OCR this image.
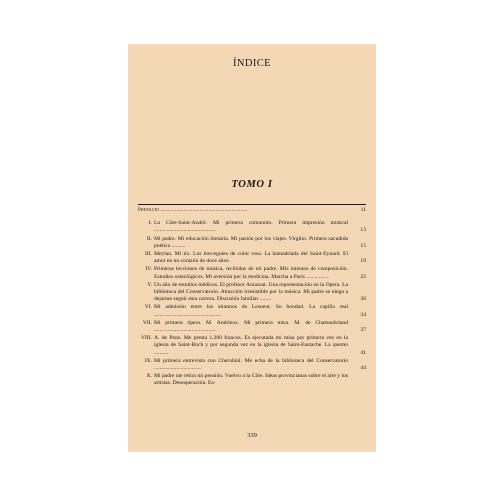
ÍNDICE
TOMO I
Prefacio ............................................................	11
I. La Côte-Saint-André. Mi primera comunión. Primera impresión musical ............................................	13
II. Mi padre. Mi educación literaria. Mi pasión por los viajes. Virgilio. Primera sacudida poética ..........	15
III. Meylan. Mi tío. Los borceguíes de color rosa. La hamadríada del Saint-Eynard. El amor en un corazón de doce años.	19
IV. Primeras lecciones de música, recibidas de mi padre. Mis intentos de composición. Estudios osteológicos. Mi aversión por la medicina. Marcha a París ................	22
V. Un año de estudios médicos. El profesor Amussat. Una representación en la Opera. La biblioteca del Conservatorio. Atracción irresistible por la música. Mi padre se niega a dejarme seguir esta carrera. Discusión familiar ........	30
VI. Mi admisión entre los alumnos de Lesueur. Su bondad. La capilla real ................................................	34
VII. Mi primera ópera. M. Andrieux. Mi primera misa. M. de Chateaubriand ............................................	37
VIII. A. de Pons. Me presta 1.200 francos. Es ejecutada mi misa por primera vez en la iglesia de Saint-Roch y por segunda vez en la iglesia de Saint-Eustache. La quemo ..........	41
IX. Mi primera entrevista con Cherubini. Me echa de la biblioteca del Conservatorio ..................................	44
X. Mi padre me retira mi pensión. Vuelvo a la Côte. Ideas provincianas sobre el arte y los artistas. Desesperación. Es-
339
